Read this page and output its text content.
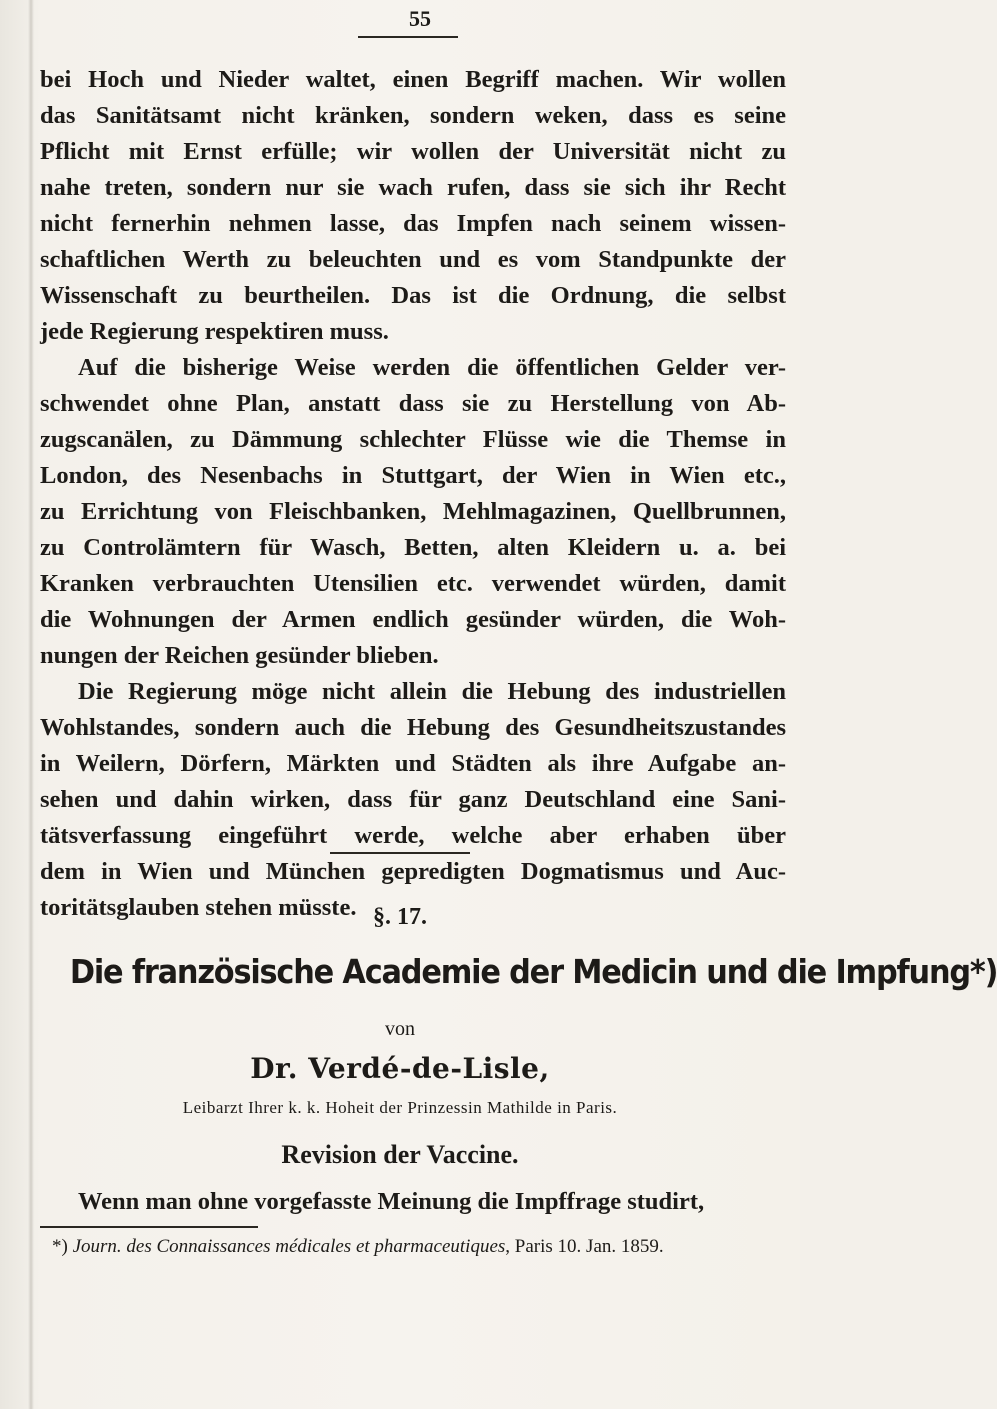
55
bei Hoch und Nieder waltet, einen Begriff machen. Wir wollen
das Sanitätsamt nicht kränken, sondern weken, dass es seine
Pflicht mit Ernst erfülle; wir wollen der Universität nicht zu
nahe treten, sondern nur sie wach rufen, dass sie sich ihr Recht
nicht fernerhin nehmen lasse, das Impfen nach seinem wissen-
schaftlichen Werth zu beleuchten und es vom Standpunkte der
Wissenschaft zu beurtheilen. Das ist die Ordnung, die selbst
jede Regierung respektiren muss.
Auf die bisherige Weise werden die öffentlichen Gelder ver-
schwendet ohne Plan, anstatt dass sie zu Herstellung von Ab-
zugscanälen, zu Dämmung schlechter Flüsse wie die Themse in
London, des Nesenbachs in Stuttgart, der Wien in Wien etc.,
zu Errichtung von Fleischbanken, Mehlmagazinen, Quellbrunnen,
zu Controlämtern für Wasch, Betten, alten Kleidern u. a. bei
Kranken verbrauchten Utensilien etc. verwendet würden, damit
die Wohnungen der Armen endlich gesünder würden, die Woh-
nungen der Reichen gesünder blieben.
Die Regierung möge nicht allein die Hebung des industriellen
Wohlstandes, sondern auch die Hebung des Gesundheitszustandes
in Weilern, Dörfern, Märkten und Städten als ihre Aufgabe an-
sehen und dahin wirken, dass für ganz Deutschland eine Sani-
tätsverfassung eingeführt werde, welche aber erhaben über
dem in Wien und München gepredigten Dogmatismus und Auc-
toritätsglauben stehen müsste. §. 17.
Die französische Academie der Medicin und die Impfung*)
von
Dr. Verdé-de-Lisle,
Leibarzt Ihrer k. k. Hoheit der Prinzessin Mathilde in Paris.
Revision der Vaccine.
Wenn man ohne vorgefasste Meinung die Impffrage studirt,
*) Journ. des Connaissances médicales et pharmaceutiques, Paris 10. Jan. 1859.
